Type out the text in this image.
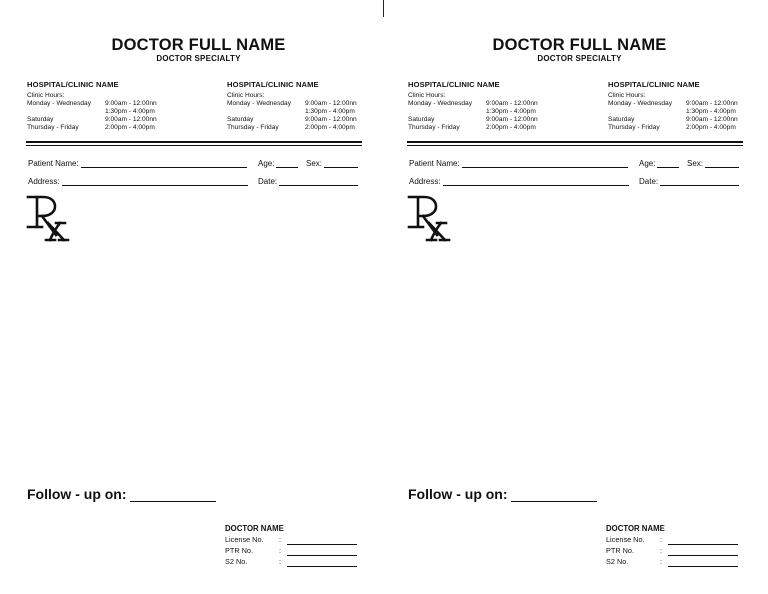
DOCTOR FULL NAME
DOCTOR SPECIALTY
HOSPITAL/CLINIC NAME
Clinic Hours:
Monday - Wednesday	9:00am - 12:00nn
1:30pm - 4:00pm
Saturday	9:00am - 12:00nn
Thursday - Friday	2:00pm - 4:00pm
HOSPITAL/CLINIC NAME
Clinic Hours:
Monday - Wednesday	9:00am - 12:00nn
1:30pm - 4:00pm
Saturday	9:00am - 12:00nn
Thursday - Friday	2:00pm - 4:00pm
Patient Name:	Age:	Sex:
Address:	Date:
Follow - up on:
DOCTOR NAME
License No.	:
PTR No.	:
S2 No.	:
DOCTOR FULL NAME
DOCTOR SPECIALTY
HOSPITAL/CLINIC NAME
Clinic Hours:
Monday - Wednesday	9:00am - 12:00nn
1:30pm - 4:00pm
Saturday	9:00am - 12:00nn
Thursday - Friday	2:00pm - 4:00pm
HOSPITAL/CLINIC NAME
Clinic Hours:
Monday - Wednesday	9:00am - 12:00nn
1:30pm - 4:00pm
Saturday	9:00am - 12:00nn
Thursday - Friday	2:00pm - 4:00pm
Patient Name:	Age:	Sex:
Address:	Date:
Follow - up on:
DOCTOR NAME
License No.	:
PTR No.	:
S2 No.	:
